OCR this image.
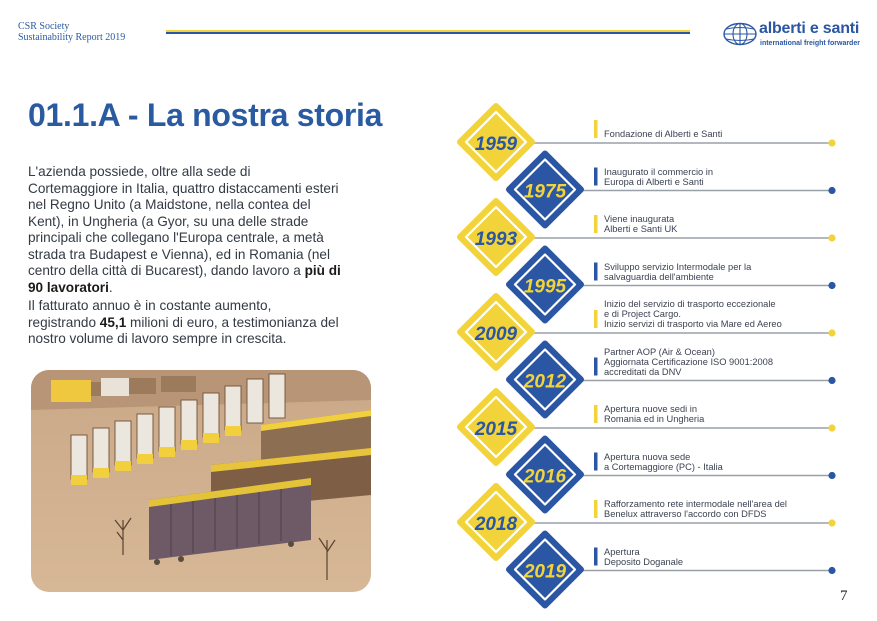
CSR Society
Sustainability Report 2019
alberti e santi
international freight forwarder
01.1.A - La nostra storia

L'azienda possiede, oltre alla sede di Cortemaggiore in Italia, quattro distaccamenti esteri nel Regno Unito (a Maidstone, nella contea del Kent), in Ungheria (a Gyor, su una delle strade principali che collegano l'Europa centrale, a metà strada tra Budapest e Vienna), ed in Romania (nel centro della città di Bucarest), dando lavoro a più di 90 lavoratori.

Il fatturato annuo è in costante aumento, registrando 45,1 milioni di euro, a testimonianza del nostro volume di lavoro sempre in crescita.

1959
1975
1993
1995
2009
2012
2015
2016
2018
2019
Fondazione di Alberti e Santi
Inaugurato il commercio in
Europa di Alberti e Santi
Viene inaugurata
Alberti e Santi UK
Sviluppo servizio Intermodale per la
salvaguardia dell'ambiente
Inizio del servizio di trasporto eccezionale
e di Project Cargo.
Inizio servizi di trasporto via Mare ed Aereo
Partner AOP (Air & Ocean)
Aggiornata Certificazione ISO 9001:2008
accreditati da DNV
Apertura nuove sedi in
Romania ed in Ungheria
Apertura nuova sede
a Cortemaggiore (PC) - Italia
Rafforzamento rete intermodale nell'area del
Benelux attraverso l'accordo con DFDS
Apertura
Deposito Doganale
7
